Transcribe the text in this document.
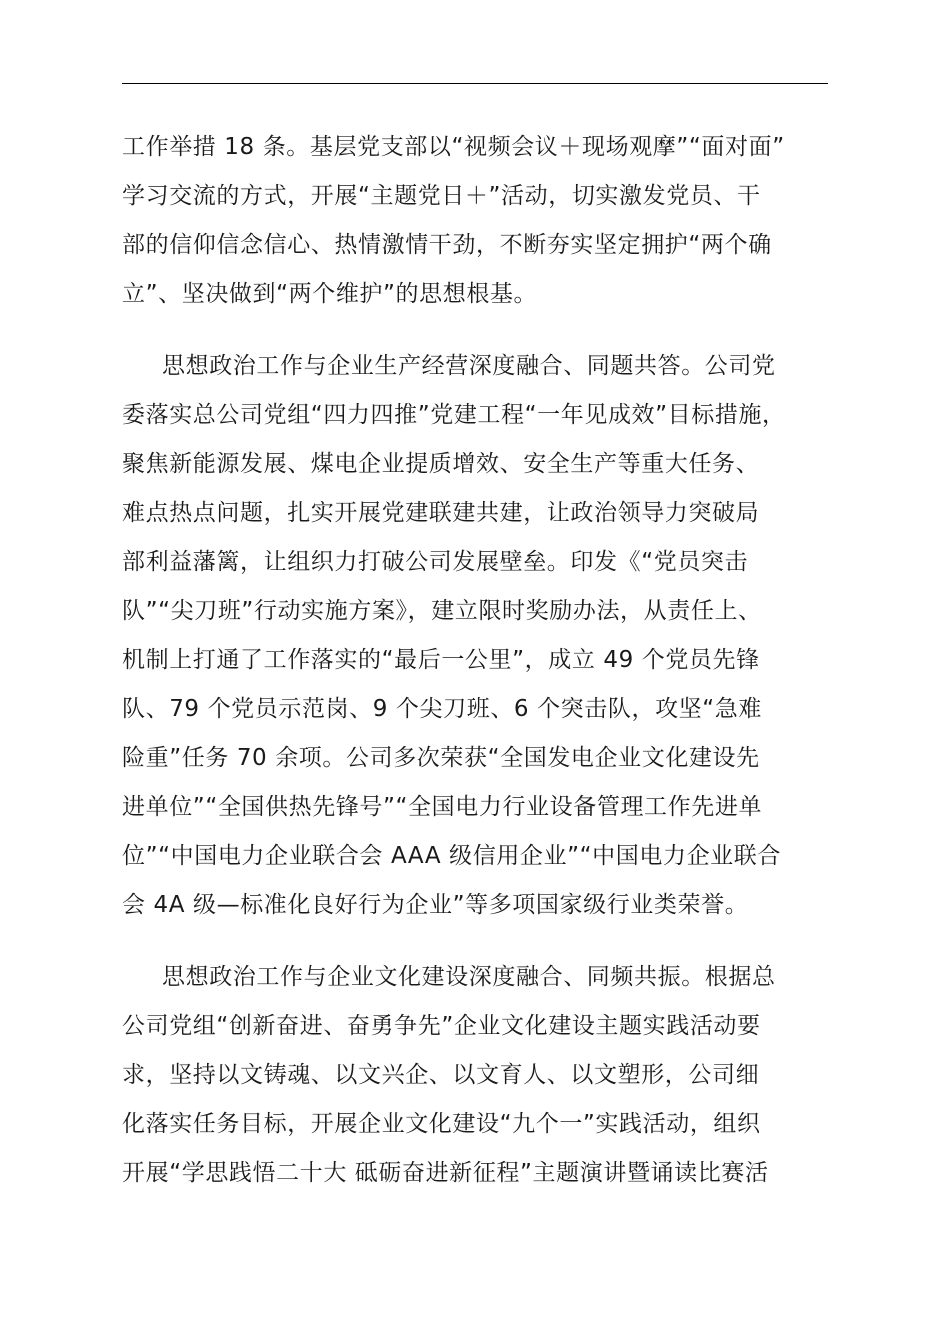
工作举措 18 条。基层党支部以“视频会议＋现场观摩”“面对面”
学习交流的方式，开展“主题党日＋”活动，切实激发党员、干
部的信仰信念信心、热情激情干劲，不断夯实坚定拥护“两个确
立”、坚决做到“两个维护”的思想根基。
思想政治工作与企业生产经营深度融合、同题共答。公司党
委落实总公司党组“四力四推”党建工程“一年见成效”目标措施，
聚焦新能源发展、煤电企业提质增效、安全生产等重大任务、
难点热点问题，扎实开展党建联建共建，让政治领导力突破局
部利益藩篱，让组织力打破公司发展壁垒。印发《“党员突击
队”“尖刀班”行动实施方案》，建立限时奖励办法，从责任上、
机制上打通了工作落实的“最后一公里”，成立 49 个党员先锋
队、79 个党员示范岗、9 个尖刀班、6 个突击队，攻坚“急难
险重”任务 70 余项。公司多次荣获“全国发电企业文化建设先
进单位”“全国供热先锋号”“全国电力行业设备管理工作先进单
位”“中国电力企业联合会 AAA 级信用企业”“中国电力企业联合
会 4A 级—标准化良好行为企业”等多项国家级行业类荣誉。
思想政治工作与企业文化建设深度融合、同频共振。根据总
公司党组“创新奋进、奋勇争先”企业文化建设主题实践活动要
求，坚持以文铸魂、以文兴企、以文育人、以文塑形，公司细
化落实任务目标，开展企业文化建设“九个一”实践活动，组织
开展“学思践悟二十大 砥砺奋进新征程”主题演讲暨诵读比赛活
